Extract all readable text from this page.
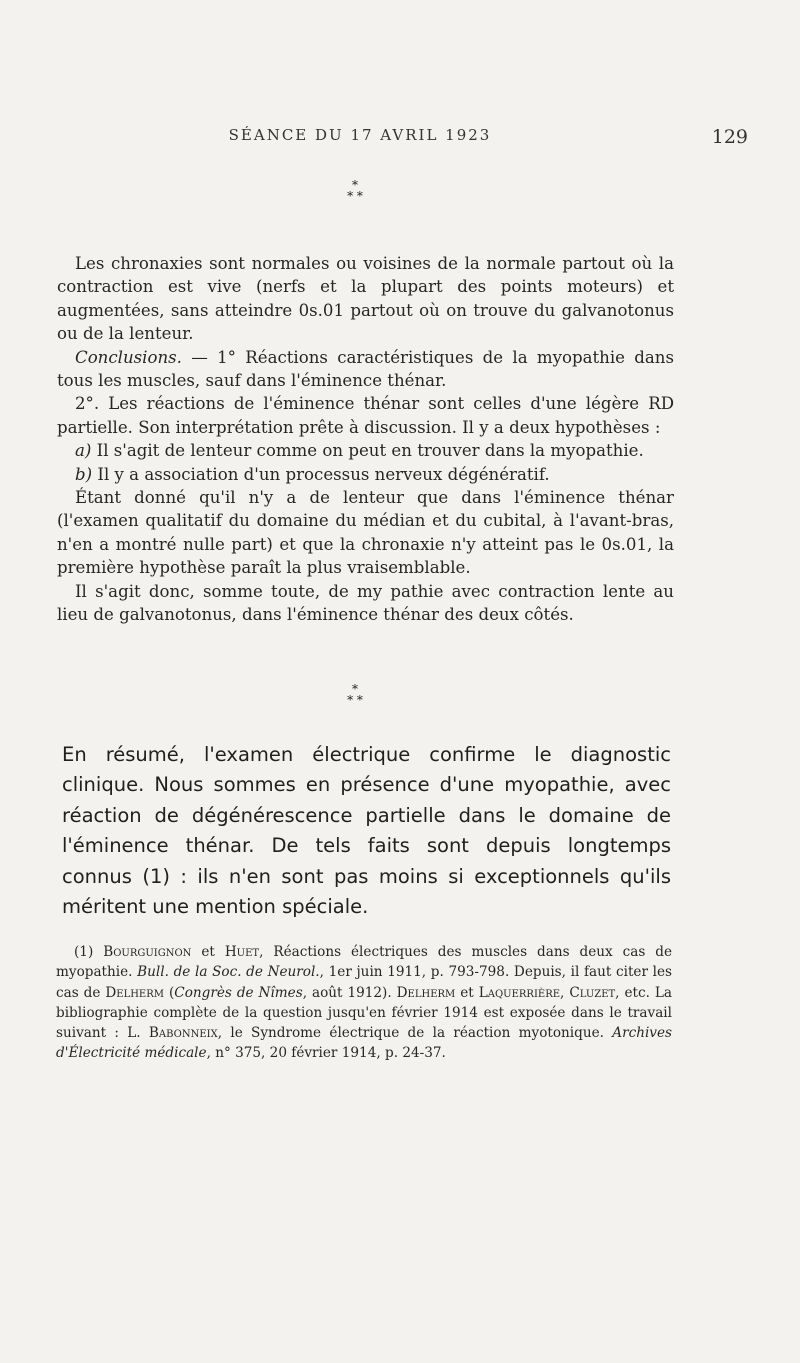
SÉANCE DU 17 AVRIL 1923	129
*
* *

Les chronaxies sont normales ou voisines de la normale partout où la contraction est vive (nerfs et la plupart des points moteurs) et augmentées, sans atteindre 0s.01 partout où on trouve du galvanotonus ou de la lenteur.

Conclusions. — 1° Réactions caractéristiques de la myopathie dans tous les muscles, sauf dans l'éminence thénar.

2°. Les réactions de l'éminence thénar sont celles d'une légère RD partielle. Son interprétation prête à discussion. Il y a deux hypothèses :

a) Il s'agit de lenteur comme on peut en trouver dans la myopathie.

b) Il y a association d'un processus nerveux dégénératif.

Étant donné qu'il n'y a de lenteur que dans l'éminence thénar (l'examen qualitatif du domaine du médian et du cubital, à l'avant-bras, n'en a montré nulle part) et que la chronaxie n'y atteint pas le 0s.01, la première hypothèse paraît la plus vraisemblable.

Il s'agit donc, somme toute, de my pathie avec contraction lente au lieu de galvanotonus, dans l'éminence thénar des deux côtés.

*
* *

En résumé, l'examen électrique confirme le diagnostic clinique. Nous sommes en présence d'une myopathie, avec réaction de dégénérescence partielle dans le domaine de l'éminence thénar. De tels faits sont depuis longtemps connus (1) : ils n'en sont pas moins si exceptionnels qu'ils méritent une mention spéciale.

(1) Bourguignon et Huet, Réactions électriques des muscles dans deux cas de myopathie. Bull. de la Soc. de Neurol., 1er juin 1911, p. 793-798. Depuis, il faut citer les cas de Delherm (Congrès de Nîmes, août 1912). Delherm et Laquerrière, Cluzet, etc. La bibliographie complète de la question jusqu'en février 1914 est exposée dans le travail suivant : L. Babonneix, le Syndrome électrique de la réaction myotonique. Archives d'Électricité médicale, n° 375, 20 février 1914, p. 24-37.
